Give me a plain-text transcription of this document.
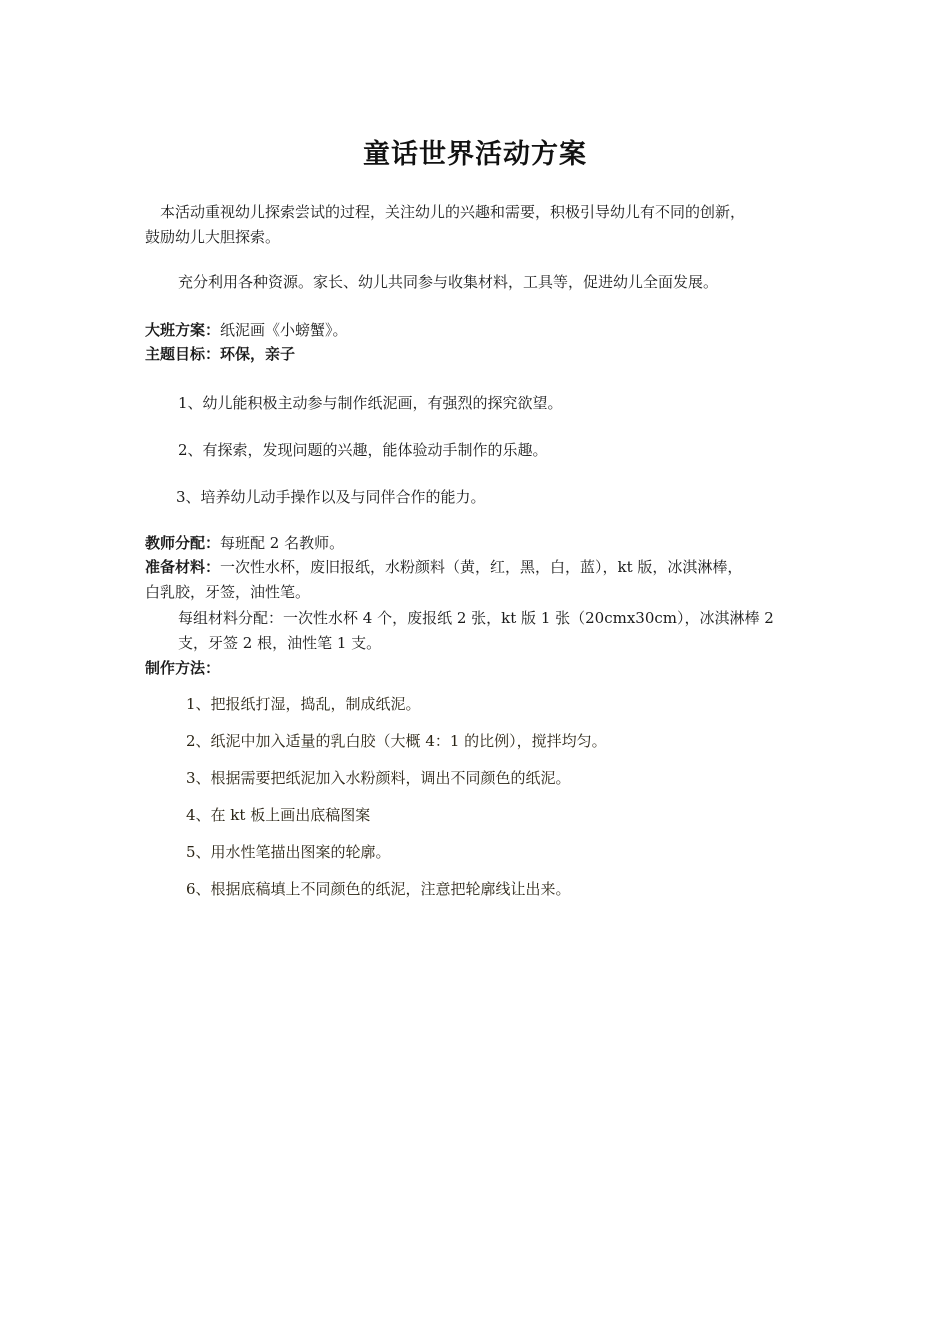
童话世界活动方案
本活动重视幼儿探索尝试的过程，关注幼儿的兴趣和需要，积极引导幼儿有不同的创新，
鼓励幼儿大胆探索。
充分利用各种资源。家长、幼儿共同参与收集材料，工具等，促进幼儿全面发展。
大班方案：纸泥画《小螃蟹》。
主题目标：环保，亲子
1、幼儿能积极主动参与制作纸泥画，有强烈的探究欲望。
2、有探索，发现问题的兴趣，能体验动手制作的乐趣。
3、培养幼儿动手操作以及与同伴合作的能力。
教师分配：每班配 2 名教师。
准备材料：一次性水杯，废旧报纸，水粉颜料（黄，红，黑，白，蓝），kt 版，冰淇淋棒，
白乳胶，牙签，油性笔。
每组材料分配：一次性水杯 4 个，废报纸 2 张，kt 版 1 张（20cmx30cm），冰淇淋棒 2
支，牙签 2 根，油性笔 1 支。
制作方法：
1、把报纸打湿，捣乱，制成纸泥。
2、纸泥中加入适量的乳白胶（大概 4：1 的比例），搅拌均匀。
3、根据需要把纸泥加入水粉颜料，调出不同颜色的纸泥。
4、在 kt 板上画出底稿图案
5、用水性笔描出图案的轮廓。
6、根据底稿填上不同颜色的纸泥，注意把轮廓线让出来。
